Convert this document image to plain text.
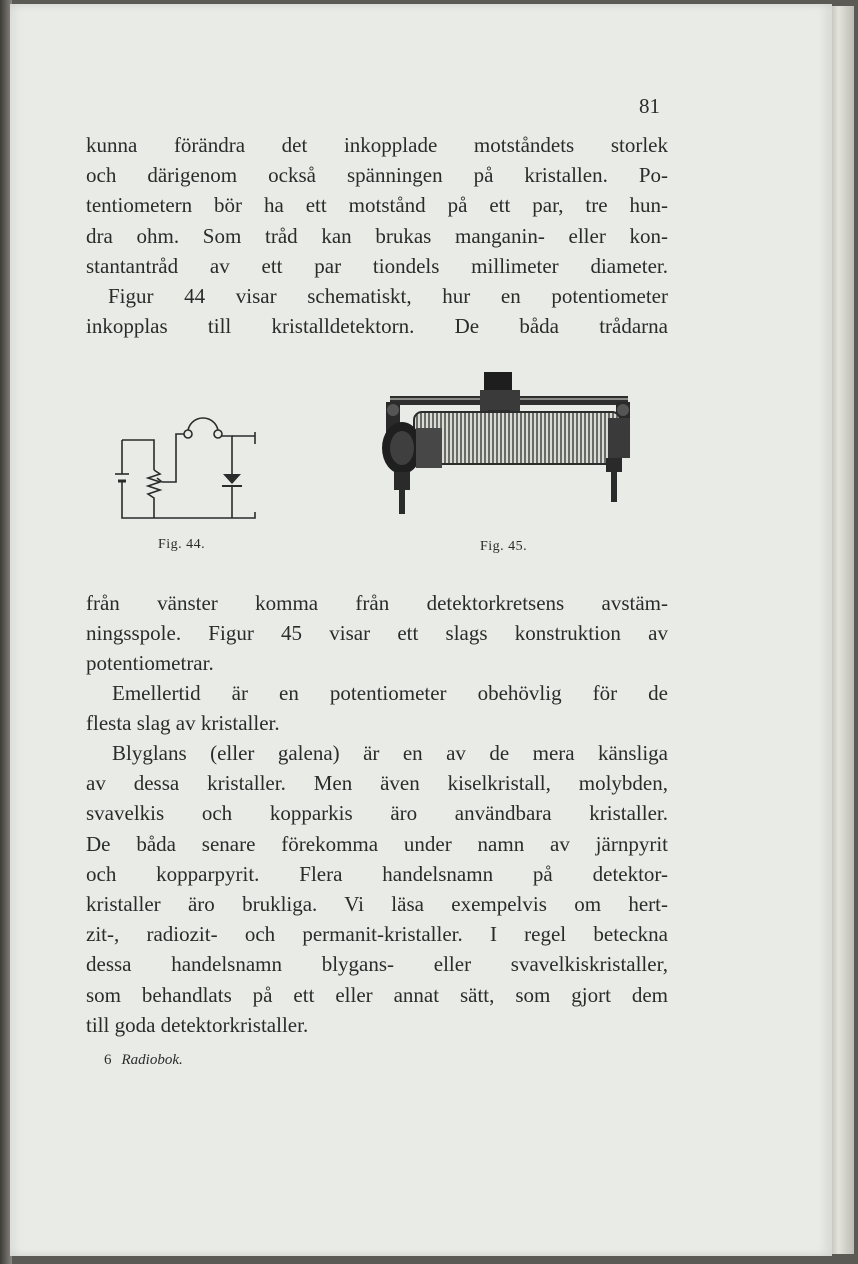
81
kunna förändra det inkopplade motståndets storlek
och därigenom också spänningen på kristallen. Po-
tentiometern bör ha ett motstånd på ett par, tre hun-
dra ohm. Som tråd kan brukas manganin- eller kon-
stantantråd av ett par tiondels millimeter diameter.
Figur 44 visar schematiskt, hur en potentiometer
inkopplas till kristalldetektorn. De båda trådarna
Fig. 44.	Fig. 45.
från vänster komma från detektorkretsens avstäm-
ningsspole. Figur 45 visar ett slags konstruktion av
potentiometrar.
Emellertid är en potentiometer obehövlig för de
flesta slag av kristaller.
Blyglans (eller galena) är en av de mera känsliga
av dessa kristaller. Men även kiselkristall, molybden,
svavelkis och kopparkis äro användbara kristaller.
De båda senare förekomma under namn av järnpyrit
och kopparpyrit. Flera handelsnamn på detektor-
kristaller äro brukliga. Vi läsa exempelvis om hert-
zit-, radiozit- och permanit-kristaller. I regel beteckna
dessa handelsnamn blygans- eller svavelkiskristaller,
som behandlats på ett eller annat sätt, som gjort dem
till goda detektorkristaller.
6 Radiobok.
